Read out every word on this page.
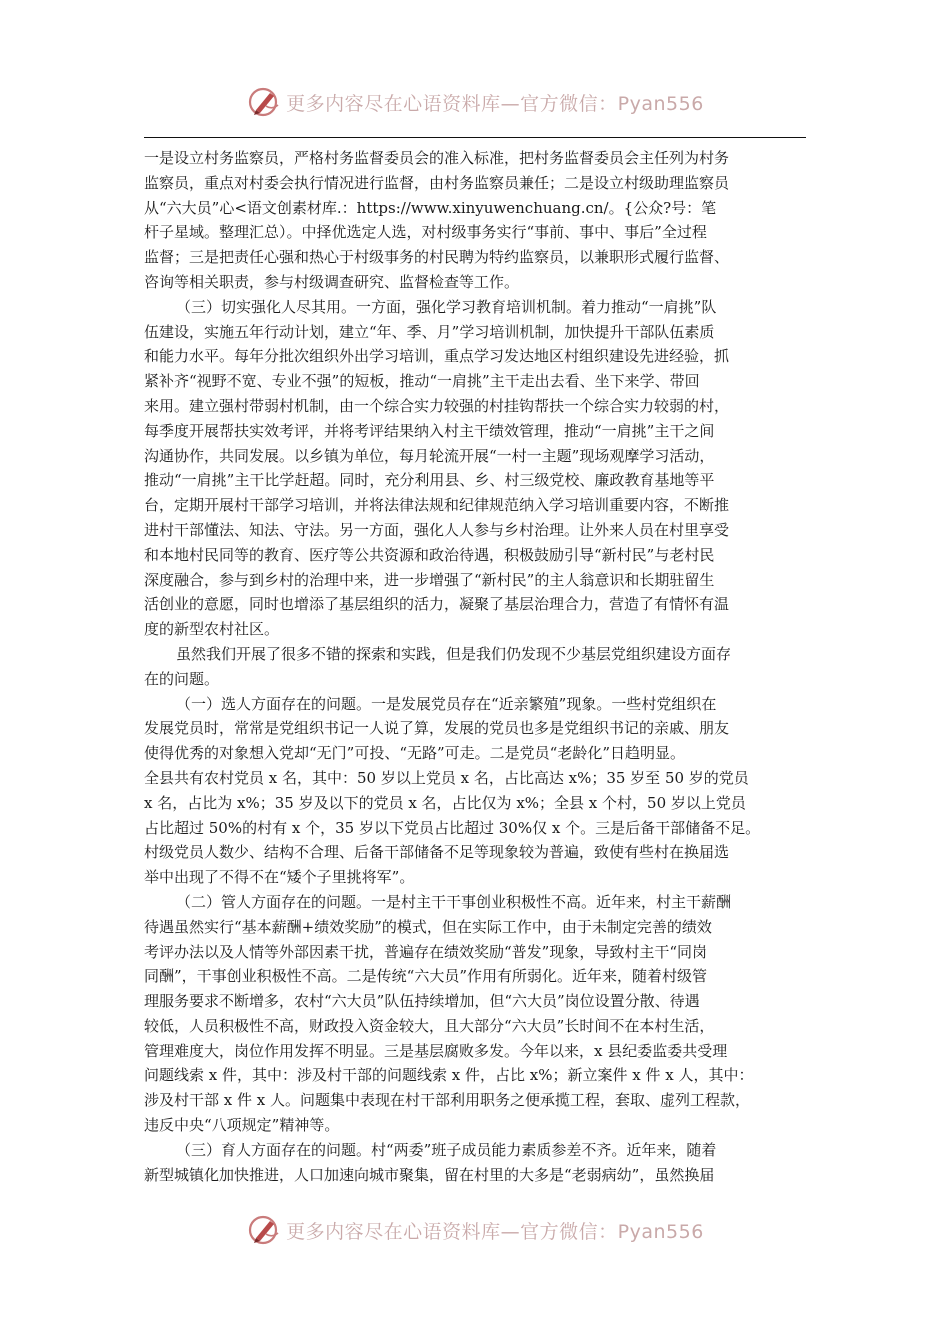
更多内容尽在心语资料库—官方微信：Pyan556
一是设立村务监察员，严格村务监督委员会的准入标准，把村务监督委员会主任列为村务
监察员，重点对村委会执行情况进行监督，由村务监察员兼任；二是设立村级助理监察员
从“六大员”心<语文创素材库.：https://www.xinyuwenchuang.cn/。{公众?号：笔
杆子星域。整理汇总）。中择优选定人选，对村级事务实行“事前、事中、事后”全过程
监督；三是把责任心强和热心于村级事务的村民聘为特约监察员，以兼职形式履行监督、
咨询等相关职责，参与村级调查研究、监督检查等工作。
（三）切实强化人尽其用。一方面，强化学习教育培训机制。着力推动“一肩挑”队
伍建设，实施五年行动计划，建立“年、季、月”学习培训机制，加快提升干部队伍素质
和能力水平。每年分批次组织外出学习培训，重点学习发达地区村组织建设先进经验，抓
紧补齐“视野不宽、专业不强”的短板，推动“一肩挑”主干走出去看、坐下来学、带回
来用。建立强村带弱村机制，由一个综合实力较强的村挂钩帮扶一个综合实力较弱的村，
每季度开展帮扶实效考评，并将考评结果纳入村主干绩效管理，推动“一肩挑”主干之间
沟通协作，共同发展。以乡镇为单位，每月轮流开展“一村一主题”现场观摩学习活动，
推动“一肩挑”主干比学赶超。同时，充分利用县、乡、村三级党校、廉政教育基地等平
台，定期开展村干部学习培训，并将法律法规和纪律规范纳入学习培训重要内容，不断推
进村干部懂法、知法、守法。另一方面，强化人人参与乡村治理。让外来人员在村里享受
和本地村民同等的教育、医疗等公共资源和政治待遇，积极鼓励引导“新村民”与老村民
深度融合，参与到乡村的治理中来，进一步增强了“新村民”的主人翁意识和长期驻留生
活创业的意愿，同时也增添了基层组织的活力，凝聚了基层治理合力，营造了有情怀有温
度的新型农村社区。
虽然我们开展了很多不错的探索和实践，但是我们仍发现不少基层党组织建设方面存
在的问题。
（一）选人方面存在的问题。一是发展党员存在“近亲繁殖”现象。一些村党组织在
发展党员时，常常是党组织书记一人说了算，发展的党员也多是党组织书记的亲戚、朋友
使得优秀的对象想入党却“无门”可投、“无路”可走。二是党员“老龄化”日趋明显。
全县共有农村党员 x 名，其中：50 岁以上党员 x 名，占比高达 x%；35 岁至 50 岁的党员
x 名，占比为 x%；35 岁及以下的党员 x 名，占比仅为 x%；全县 x 个村，50 岁以上党员
占比超过 50%的村有 x 个，35 岁以下党员占比超过 30%仅 x 个。三是后备干部储备不足。
村级党员人数少、结构不合理、后备干部储备不足等现象较为普遍，致使有些村在换届选
举中出现了不得不在“矮个子里挑将军”。
（二）管人方面存在的问题。一是村主干干事创业积极性不高。近年来，村主干薪酬
待遇虽然实行“基本薪酬+绩效奖励”的模式，但在实际工作中，由于未制定完善的绩效
考评办法以及人情等外部因素干扰，普遍存在绩效奖励“普发”现象，导致村主干“同岗
同酬”，干事创业积极性不高。二是传统“六大员”作用有所弱化。近年来，随着村级管
理服务要求不断增多，农村“六大员”队伍持续增加，但“六大员”岗位设置分散、待遇
较低，人员积极性不高，财政投入资金较大，且大部分“六大员”长时间不在本村生活，
管理难度大，岗位作用发挥不明显。三是基层腐败多发。今年以来，x 县纪委监委共受理
问题线索 x 件，其中：涉及村干部的问题线索 x 件，占比 x%；新立案件 x 件 x 人，其中：
涉及村干部 x 件 x 人。问题集中表现在村干部利用职务之便承揽工程，套取、虚列工程款，
违反中央“八项规定”精神等。
（三）育人方面存在的问题。村“两委”班子成员能力素质参差不齐。近年来，随着
新型城镇化加快推进，人口加速向城市聚集，留在村里的大多是“老弱病幼”，虽然换届
更多内容尽在心语资料库—官方微信：Pyan556
